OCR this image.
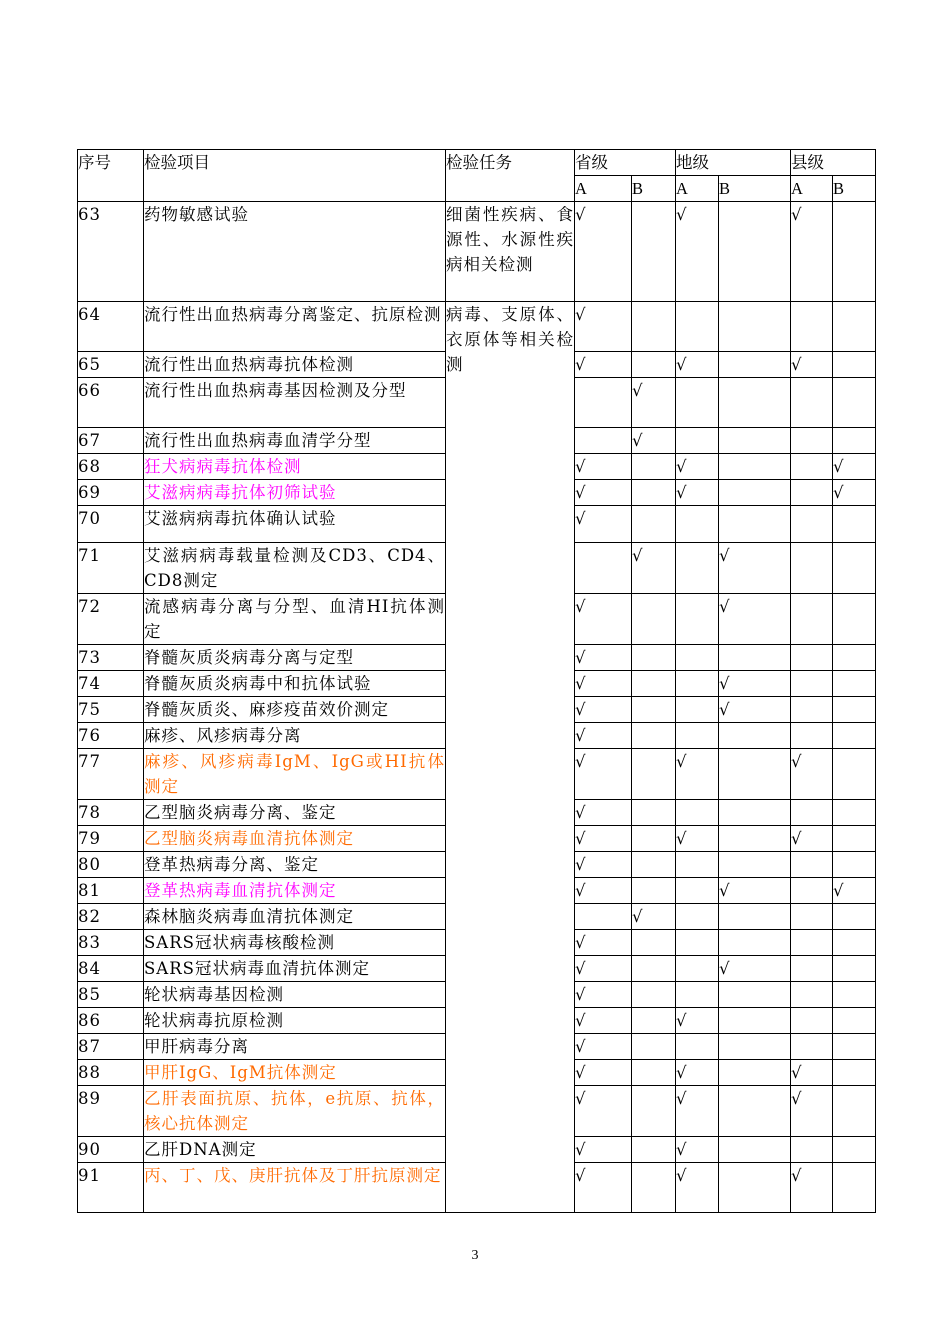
序号	检验项目	检验任务	省级		地级		县级	
			A	B	A	B	A	B
63	药物敏感试验	细菌性疾病、食源性、水源性疾病相关检测	√		√		√	
64	流行性出血热病毒分离鉴定、抗原检测	病毒、支原体、衣原体等相关检测	√					
65	流行性出血热病毒抗体检测		√		√		√	
66	流行性出血热病毒基因检测及分型			√				
67	流行性出血热病毒血清学分型			√				
68	狂犬病病毒抗体检测		√		√			√
69	艾滋病病毒抗体初筛试验		√		√			√
70	艾滋病病毒抗体确认试验		√					
71	艾滋病病毒载量检测及CD3、CD4、CD8测定			√		√		
72	流感病毒分离与分型、血清HI抗体测定		√			√		
73	脊髓灰质炎病毒分离与定型		√					
74	脊髓灰质炎病毒中和抗体试验		√			√		
75	脊髓灰质炎、麻疹疫苗效价测定		√			√		
76	麻疹、风疹病毒分离		√					
77	麻疹、风疹病毒IgM、IgG或HI抗体测定		√		√		√	
78	乙型脑炎病毒分离、鉴定		√					
79	乙型脑炎病毒血清抗体测定		√		√		√	
80	登革热病毒分离、鉴定		√					
81	登革热病毒血清抗体测定		√			√		√
82	森林脑炎病毒血清抗体测定			√				
83	SARS冠状病毒核酸检测		√					
84	SARS冠状病毒血清抗体测定		√			√		
85	轮状病毒基因检测		√					
86	轮状病毒抗原检测		√		√			
87	甲肝病毒分离		√					
88	甲肝IgG、IgM抗体测定		√		√		√	
89	乙肝表面抗原、抗体，e抗原、抗体，核心抗体测定		√		√		√	
90	乙肝DNA测定		√		√			
91	丙、丁、戊、庚肝抗体及丁肝抗原测定		√		√		√	
3
